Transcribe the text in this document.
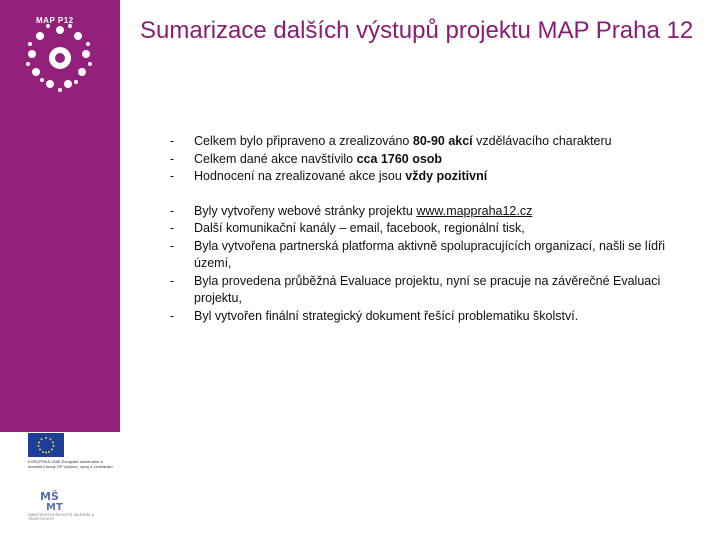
MAP P12
EVROPSKÁ UNIE Evropské strukturální a investiční fondy OP Výzkum, vývoj a vzdělávání
MŠ
MT
MINISTERSTVO ŠKOLSTVÍ, MLÁDEŽE A TĚLOVÝCHOVY
Sumarizace dalších výstupů projektu MAP Praha 12
- Celkem bylo připraveno a zrealizováno 80-90 akcí vzdělávacího charakteru
- Celkem dané akce navštívilo cca 1760 osob
- Hodnocení na zrealizované akce jsou vždy pozitivní
- Byly vytvořeny webové stránky projektu www.mappraha12.cz
- Další komunikační kanály – email, facebook, regionální tisk,
- Byla vytvořena partnerská platforma aktivně spolupracujících organizací, našli se lídři území,
- Byla provedena průběžná Evaluace projektu, nyní se pracuje na závěrečné Evaluaci projektu,
- Byl vytvořen finální strategický dokument řešící problematiku školství.
